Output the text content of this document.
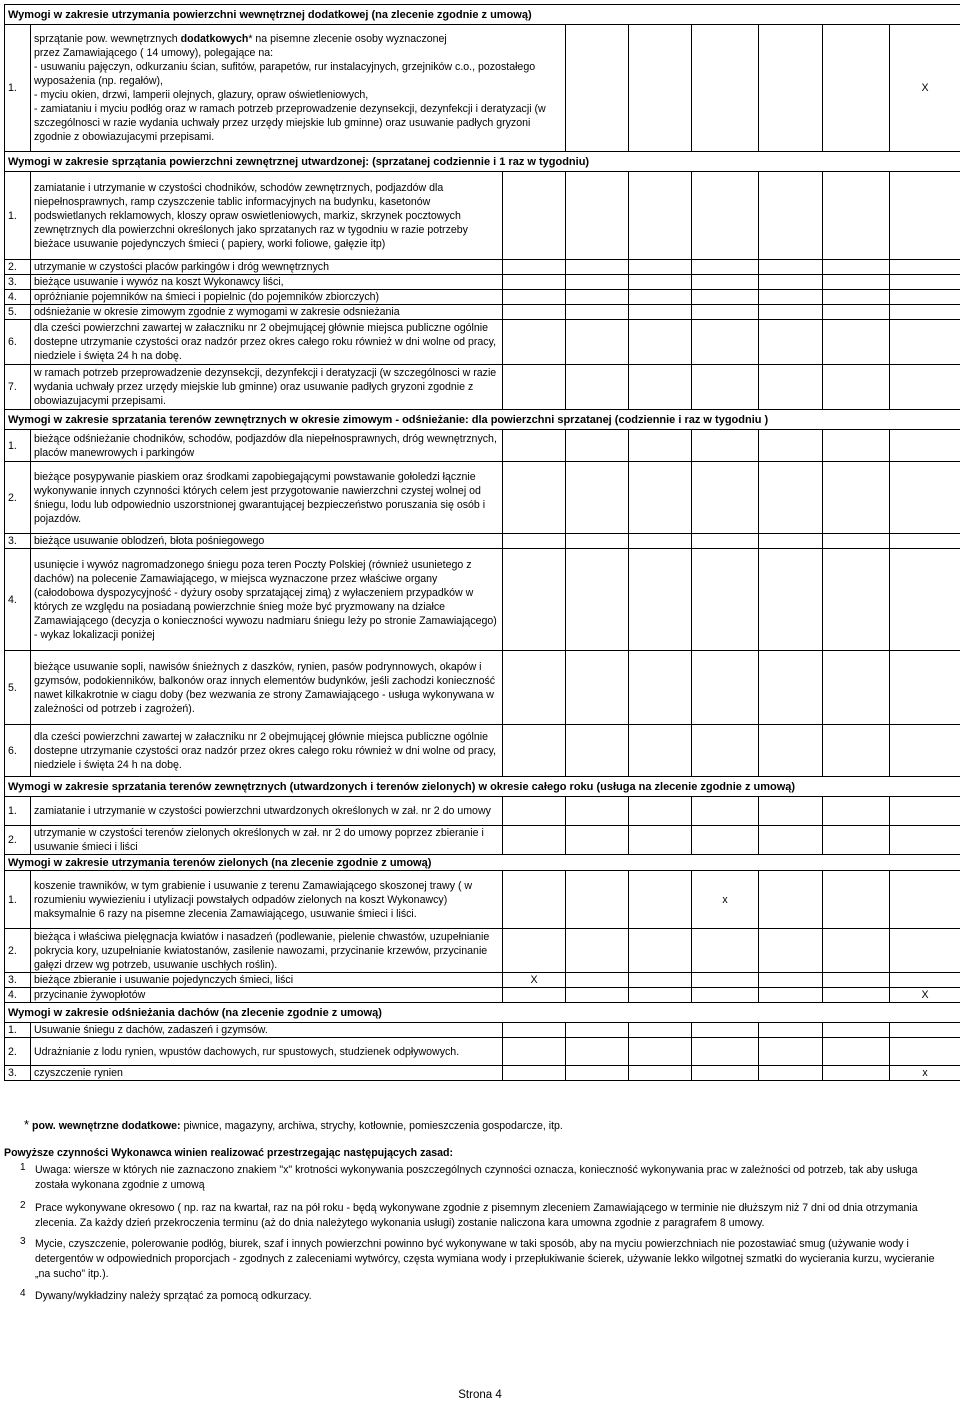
Wymogi w zakresie utrzymania powierzchni wewnętrznej dodatkowej (na zlecenie zgodnie z umową)								
1.	sprzątanie pow. wewnętrznych dodatkowych* na pisemne zlecenie osoby wyznaczonej
przez Zamawiającego ( 14 umowy), polegające na:
- usuwaniu pajęczyn, odkurzaniu ścian, sufitów, parapetów, rur instalacyjnych, grzejników c.o., pozostałego wyposażenia (np. regałów),
- myciu okien, drzwi, lamperii olejnych, glazury, opraw oświetleniowych,
- zamiataniu i myciu podłóg oraz w ramach potrzeb przeprowadzenie dezynsekcji, dezynfekcji i deratyzacji (w szczególnosci w razie wydania uchwały przez urzędy miejskie lub gminne) oraz usuwanie padłych gryzoni zgodnie z obowiazujacymi przepisami.							X
Wymogi w zakresie sprzątania powierzchni zewnętrznej utwardzonej: (sprzatanej codziennie i 1 raz w tygodniu)								
1.	zamiatanie i utrzymanie w czystości chodników, schodów zewnętrznych, podjazdów dla niepełnosprawnych, ramp czyszczenie tablic informacyjnych na budynku, kasetonów podswietlanych reklamowych, kloszy opraw oswietleniowych, markiz, skrzynek pocztowych zewnętrznych dla powierzchni określonych jako sprzatanych raz w tygodniu w razie potrzeby bieżace usuwanie pojedynczych śmieci ( papiery, worki foliowe, gałęzie itp)							
2.	utrzymanie w czystości placów parkingów i dróg wewnętrznych							
3.	bieżące usuwanie i wywóz na koszt Wykonawcy liści,							
4.	opróżnianie pojemników na śmieci i popielnic (do pojemników zbiorczych)							
5.	odśnieżanie w okresie zimowym zgodnie z wymogami w zakresie odsnieżania							
6.	dla cześci powierzchni zawartej w załaczniku nr 2 obejmującej głównie miejsca publiczne ogólnie dostepne utrzymanie czystości oraz nadzór przez okres całego roku również w dni wolne od pracy, niedziele i święta 24 h na dobę.							
7.	w ramach potrzeb przeprowadzenie dezynsekcji, dezynfekcji i deratyzacji (w szczególnosci w razie wydania uchwały przez urzędy miejskie lub gminne) oraz usuwanie padłych gryzoni zgodnie z obowiazujacymi przepisami.							
Wymogi w zakresie sprzatania terenów zewnętrznych w okresie zimowym - odśnieżanie: dla powierzchni sprzatanej (codziennie i raz w tygodniu )								
1.	bieżące odśnieżanie chodników, schodów, podjazdów dla niepełnosprawnych, dróg wewnętrznych, placów manewrowych i parkingów							
2.	bieżące posypywanie piaskiem oraz środkami zapobiegającymi powstawanie gołoledzi łącznie wykonywanie innych czynności których celem jest przygotowanie nawierzchni czystej wolnej od śniegu, lodu lub odpowiednio uszorstnionej gwarantującej bezpieczeństwo poruszania się osób i pojazdów.							
3.	bieżące usuwanie oblodzeń, błota pośniegowego							
4.	usunięcie i wywóz nagromadzonego śniegu poza teren Poczty Polskiej (również usunietego z dachów) na polecenie Zamawiającego, w miejsca wyznaczone przez właściwe organy (całodobowa dyspozycyjność - dyżury osoby sprzatającej zimą) z wyłaczeniem przypadków w których ze względu na posiadaną powierzchnie śnieg może być pryzmowany na działce Zamawiającego (decyzja o konieczności wywozu nadmiaru śniegu leży po stronie Zamawiającego)
- wykaz lokalizacji poniżej							
5.	bieżące usuwanie sopli, nawisów śnieżnych z daszków, rynien, pasów podrynnowych, okapów i gzymsów, podokienników, balkonów oraz innych elementów budynków, jeśli zachodzi konieczność nawet kilkakrotnie w ciagu doby (bez wezwania ze strony Zamawiającego - usługa wykonywana w zależności od potrzeb i zagrożeń).							
6.	dla cześci powierzchni zawartej w załaczniku nr 2 obejmującej głównie miejsca publiczne ogólnie dostepne utrzymanie czystości oraz nadzór przez okres całego roku również w dni wolne od pracy, niedziele i święta 24 h na dobę.							
Wymogi w zakresie sprzatania terenów zewnętrznych (utwardzonych i terenów zielonych) w okresie całego roku (usługa na zlecenie zgodnie z umową)								
1.	zamiatanie i utrzymanie w czystości powierzchni utwardzonych określonych w zał. nr 2 do umowy							
2.	utrzymanie w czystości terenów zielonych określonych w zał. nr 2 do umowy poprzez zbieranie i usuwanie śmieci i liści							
Wymogi w zakresie utrzymania terenów zielonych (na zlecenie zgodnie z umową)								
1.	koszenie trawników, w tym grabienie i usuwanie z terenu Zamawiającego skoszonej trawy ( w rozumieniu wywiezieniu i utylizacji powstałych odpadów zielonych na koszt Wykonawcy) maksymalnie 6 razy na pisemne zlecenia Zamawiającego, usuwanie śmieci i liści.				x			
2.	bieżąca i właściwa pielęgnacja kwiatów i nasadzeń (podlewanie, pielenie chwastów, uzupełnianie pokrycia kory, uzupełnianie kwiatostanów, zasilenie nawozami, przycinanie krzewów, przycinanie gałęzi drzew wg potrzeb, usuwanie uschłych roślin).							
3.	bieżące zbieranie i usuwanie pojedynczych śmieci, liści	X						
4.	przycinanie żywopłotów							X
Wymogi w zakresie odśnieżania dachów (na zlecenie zgodnie z umową)								
1.	Usuwanie śniegu z dachów, zadaszeń i gzymsów.							
2.	Udrażnianie z lodu rynien, wpustów dachowych, rur spustowych, studzienek odpływowych.							
3.	czyszczenie rynien							x
* pow. wewnętrzne dodatkowe: piwnice, magazyny, archiwa, strychy, kotłownie, pomieszczenia gospodarcze, itp.
Powyższe czynności Wykonawca winien realizować przestrzegając następujących zasad:
1 Uwaga: wiersze w których nie zaznaczono znakiem "x" krotności wykonywania poszczególnych czynności oznacza, konieczność wykonywania prac w zależności od potrzeb, tak aby usługa została wykonana zgodnie z umową
2 Prace wykonywane okresowo ( np. raz na kwartał, raz na pół roku - będą wykonywane zgodnie z pisemnym zleceniem Zamawiającego w terminie nie dłuższym niż 7 dni od dnia otrzymania zlecenia. Za każdy dzień przekroczenia terminu (aż do dnia należytego wykonania usługi) zostanie naliczona kara umowna zgodnie z paragrafem 8 umowy.
3 Mycie, czyszczenie, polerowanie podłóg, biurek, szaf i innych powierzchni powinno być wykonywane w taki sposób, aby na myciu powierzchniach nie pozostawiać smug (używanie wody i detergentów w odpowiednich proporcjach - zgodnych z zaleceniami wytwórcy, częsta wymiana wody i przepłukiwanie ścierek, używanie lekko wilgotnej szmatki do wycierania kurzu, wycieranie „na sucho” itp.).
4 Dywany/wykładziny należy sprzątać za pomocą odkurzacy.
Strona 4
